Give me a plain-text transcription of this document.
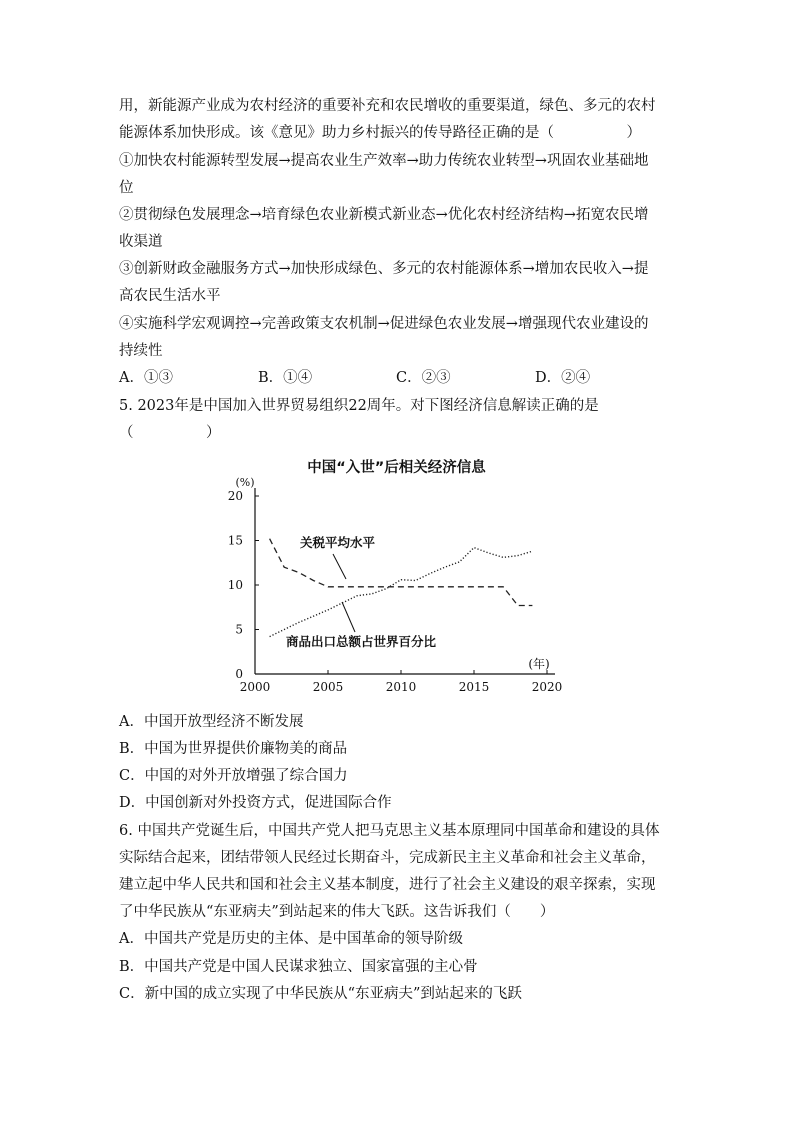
用，新能源产业成为农村经济的重要补充和农民增收的重要渠道，绿色、多元的农村
能源体系加快形成。该《意见》助力乡村振兴的传导路径正确的是（　　　　　）
①加快农村能源转型发展→提高农业生产效率→助力传统农业转型→巩固农业基础地
位
②贯彻绿色发展理念→培育绿色农业新模式新业态→优化农村经济结构→拓宽农民增
收渠道
③创新财政金融服务方式→加快形成绿色、多元的农村能源体系→增加农民收入→提
高农民生活水平
④实施科学宏观调控→完善政策支农机制→促进绿色农业发展→增强现代农业建设的
持续性
A．①③	B．①④	C．②③	D．②④
5. 2023年是中国加入世界贸易组织22周年。对下图经济信息解读正确的是
（　　　　　）
中国“入世”后相关经济信息
0
5
10
15
20
2000	2005	2010	2015	2020
(%)
(年)
关税平均水平
商品出口总额占世界百分比
A．中国开放型经济不断发展
B．中国为世界提供价廉物美的商品
C．中国的对外开放增强了综合国力
D．中国创新对外投资方式，促进国际合作
6. 中国共产党诞生后，中国共产党人把马克思主义基本原理同中国革命和建设的具体
实际结合起来，团结带领人民经过长期奋斗，完成新民主主义革命和社会主义革命，
建立起中华人民共和国和社会主义基本制度，进行了社会主义建设的艰辛探索，实现
了中华民族从“东亚病夫”到站起来的伟大飞跃。这告诉我们（　　）
A．中国共产党是历史的主体、是中国革命的领导阶级
B．中国共产党是中国人民谋求独立、国家富强的主心骨
C．新中国的成立实现了中华民族从“东亚病夫”到站起来的飞跃
